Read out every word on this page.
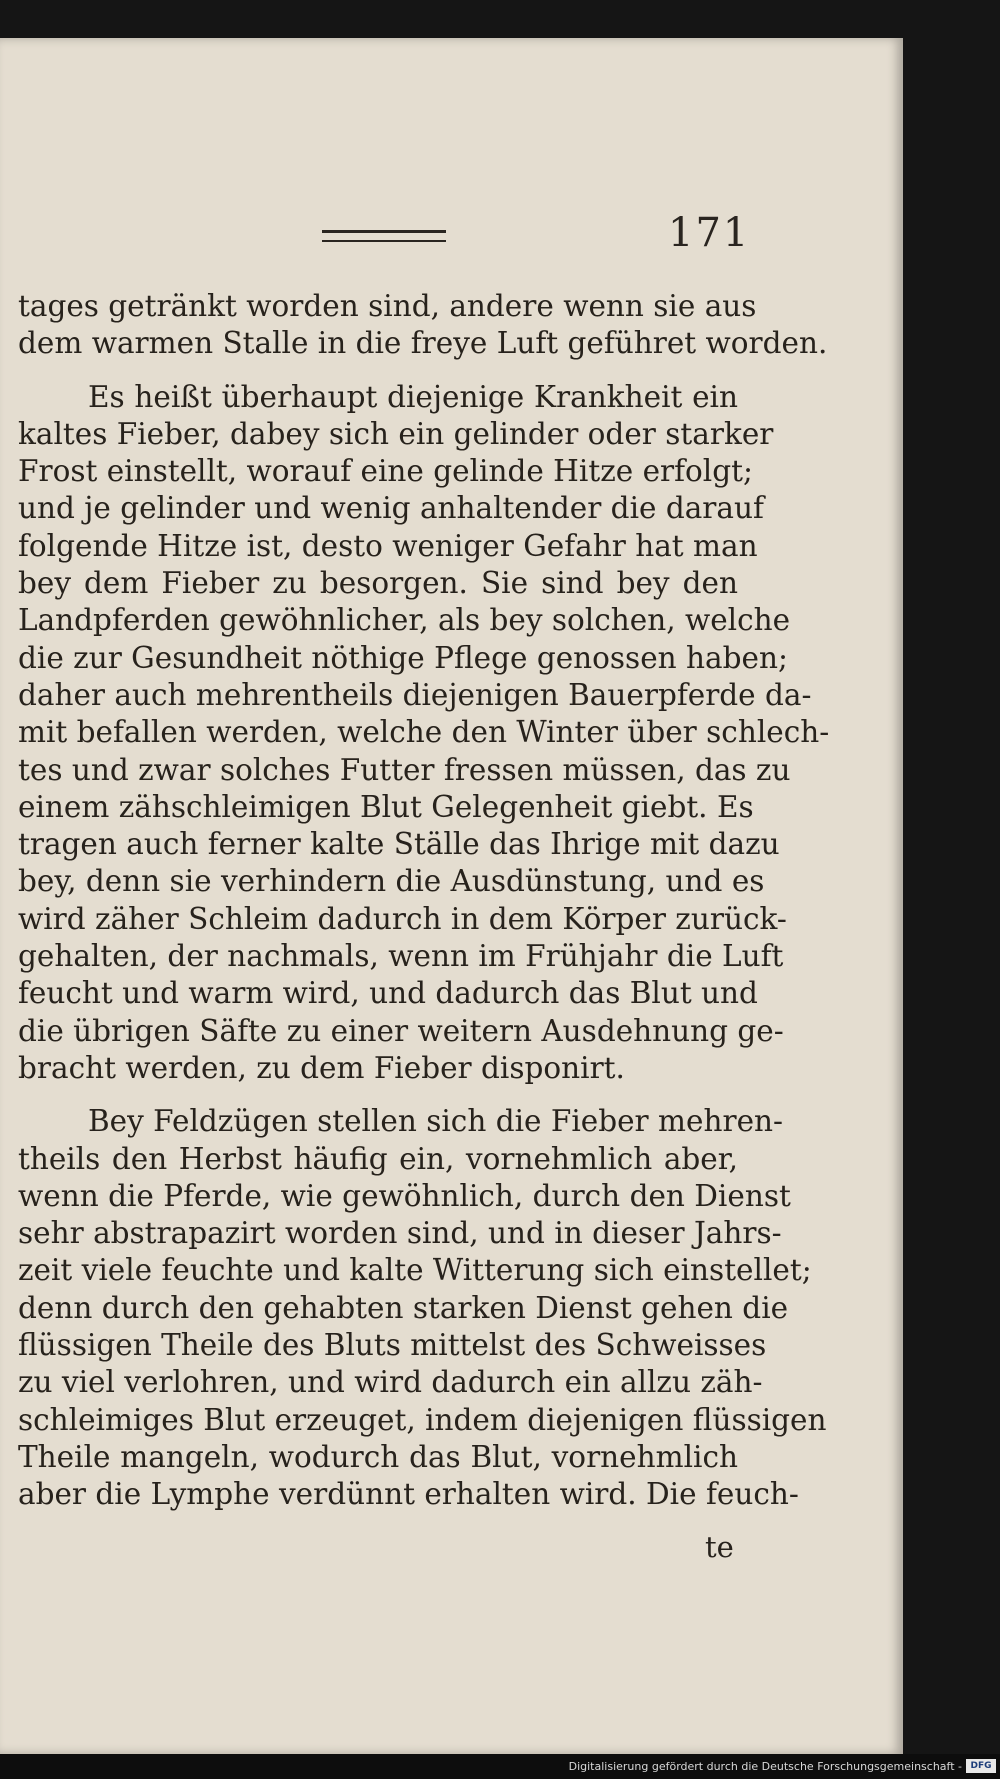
171
tages getränkt worden sind, andere wenn sie aus
dem warmen Stalle in die freye Luft geführet worden.
Es heißt überhaupt diejenige Krankheit ein
kaltes Fieber, dabey sich ein gelinder oder starker
Frost einstellt, worauf eine gelinde Hitze erfolgt;
und je gelinder und wenig anhaltender die darauf
folgende Hitze ist, desto weniger Gefahr hat man
bey dem Fieber zu besorgen. Sie sind bey den
Landpferden gewöhnlicher, als bey solchen, welche
die zur Gesundheit nöthige Pflege genossen haben;
daher auch mehrentheils diejenigen Bauerpferde da-
mit befallen werden, welche den Winter über schlech-
tes und zwar solches Futter fressen müssen, das zu
einem zähschleimigen Blut Gelegenheit giebt. Es
tragen auch ferner kalte Ställe das Ihrige mit dazu
bey, denn sie verhindern die Ausdünstung, und es
wird zäher Schleim dadurch in dem Körper zurück-
gehalten, der nachmals, wenn im Frühjahr die Luft
feucht und warm wird, und dadurch das Blut und
die übrigen Säfte zu einer weitern Ausdehnung ge-
bracht werden, zu dem Fieber disponirt.
Bey Feldzügen stellen sich die Fieber mehren-
theils den Herbst häufig ein, vornehmlich aber,
wenn die Pferde, wie gewöhnlich, durch den Dienst
sehr abstrapazirt worden sind, und in dieser Jahrs-
zeit viele feuchte und kalte Witterung sich einstellet;
denn durch den gehabten starken Dienst gehen die
flüssigen Theile des Bluts mittelst des Schweisses
zu viel verlohren, und wird dadurch ein allzu zäh-
schleimiges Blut erzeuget, indem diejenigen flüssigen
Theile mangeln, wodurch das Blut, vornehmlich
aber die Lymphe verdünnt erhalten wird. Die feuch-
te
Digitalisierung gefördert durch die Deutsche Forschungsgemeinschaft - DFG
